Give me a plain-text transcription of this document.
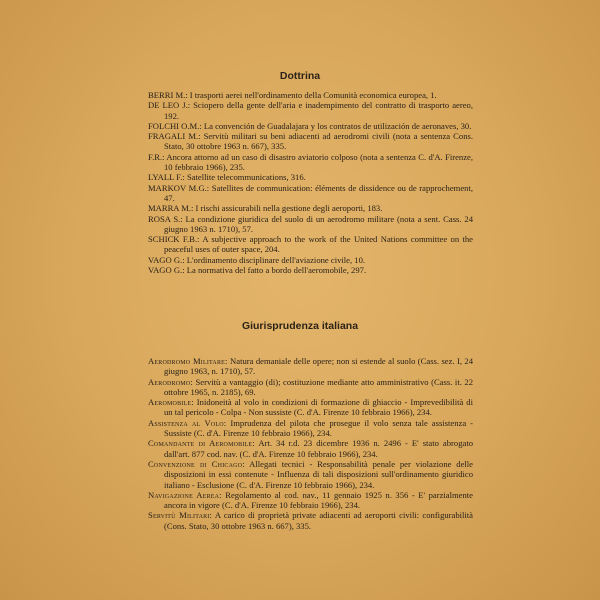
Dottrina
BERRI M.: I trasporti aerei nell'ordinamento della Comunità economica europea, 1.
DE LEO J.: Sciopero della gente dell'aria e inadempimento del contratto di trasporto aereo, 192.
FOLCHI O.M.: La convención de Guadalajara y los contratos de utilización de aeronaves, 30.
FRAGALI M.: Servitù militari su beni adiacenti ad aerodromi civili (nota a sentenza Cons. Stato, 30 ottobre 1963 n. 667), 335.
F.R.: Ancora attorno ad un caso di disastro aviatorio colposo (nota a sentenza C. d'A. Firenze, 10 febbraio 1966), 235.
LYALL F.: Satellite telecommunications, 316.
MARKOV M.G.: Satellites de communication: éléments de dissidence ou de rapprochement, 47.
MARRA M.: I rischi assicurabili nella gestione degli aeroporti, 183.
ROSA S.: La condizione giuridica del suolo di un aerodromo militare (nota a sent. Cass. 24 giugno 1963 n. 1710), 57.
SCHICK F.B.: A subjective approach to the work of the United Nations committee on the peaceful uses of outer space, 204.
VAGO G.: L'ordinamento disciplinare dell'aviazione civile, 10.
VAGO G.: La normativa del fatto a bordo dell'aeromobile, 297.
Giurisprudenza italiana
Aerodromo Militare: Natura demaniale delle opere; non si estende al suolo (Cass. sez. I, 24 giugno 1963, n. 1710), 57.
Aerodromo: Servitù a vantaggio (di); costituzione mediante atto amministrativo (Cass. it. 22 ottobre 1965, n. 2185), 69.
Aeromobile: Inidoneità al volo in condizioni di formazione di ghiaccio - Imprevedibilità di un tal pericolo - Colpa - Non sussiste (C. d'A. Firenze 10 febbraio 1966), 234.
Assistenza al Volo: Imprudenza del pilota che prosegue il volo senza tale assistenza - Sussiste (C. d'A. Firenze 10 febbraio 1966), 234.
Comandante di Aeromobile: Art. 34 r.d. 23 dicembre 1936 n. 2496 - E' stato abrogato dall'art. 877 cod. nav. (C. d'A. Firenze 10 febbraio 1966), 234.
Convenzione di Chicago: Allegati tecnici - Responsabilità penale per violazione delle disposizioni in essi contenute - Influenza di tali disposizioni sull'ordinamento giuridico italiano - Esclusione (C. d'A. Firenze 10 febbraio 1966), 234.
Navigazione Aerea: Regolamento al cod. nav., 11 gennaio 1925 n. 356 - E' parzialmente ancora in vigore (C. d'A. Firenze 10 febbraio 1966), 234.
Servitù Militari: A carico di proprietà private adiacenti ad aeroporti civili: configurabilità (Cons. Stato, 30 ottobre 1963 n. 667), 335.
